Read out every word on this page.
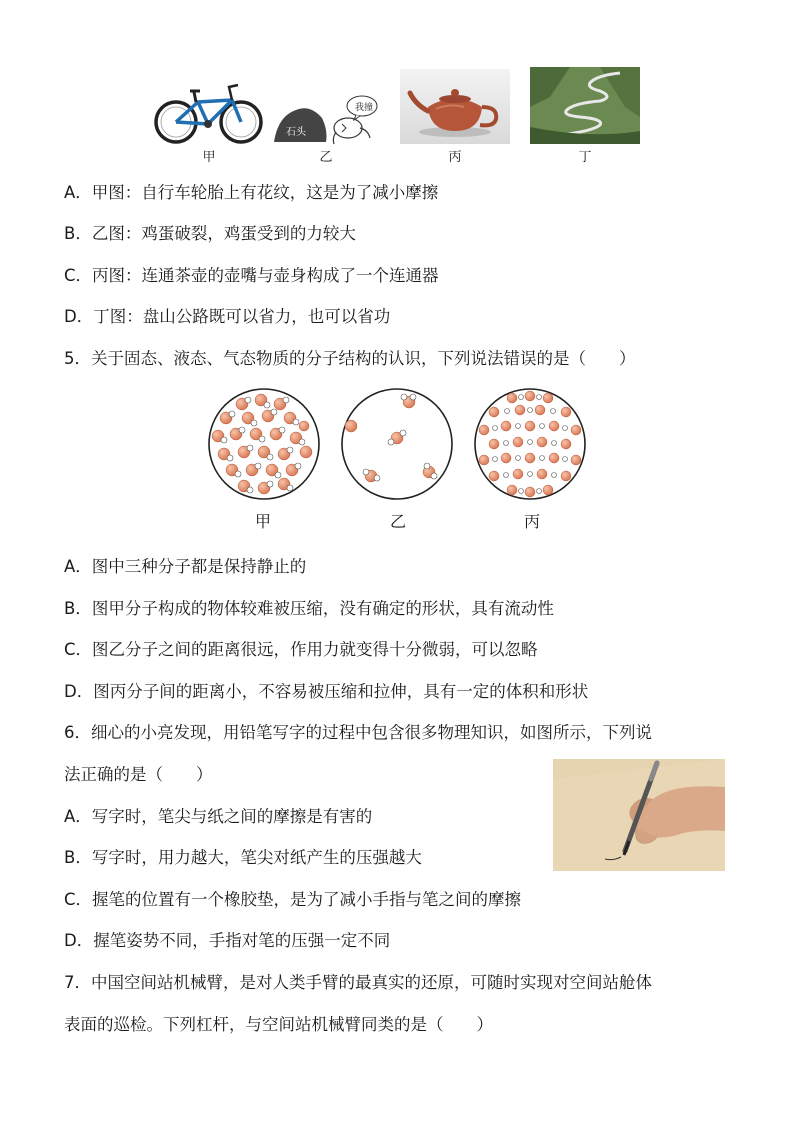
甲
石头
我撞
乙	丙	丁
A．甲图：自行车轮胎上有花纹，这是为了减小摩擦
B．乙图：鸡蛋破裂，鸡蛋受到的力较大
C．丙图：连通茶壶的壶嘴与壶身构成了一个连通器
D．丁图：盘山公路既可以省力，也可以省功
5．关于固态、液态、气态物质的分子结构的认识，下列说法错误的是（　　）
甲	乙	丙
A．图中三种分子都是保持静止的
B．图甲分子构成的物体较难被压缩，没有确定的形状，具有流动性
C．图乙分子之间的距离很远，作用力就变得十分微弱，可以忽略
D．图丙分子间的距离小，不容易被压缩和拉伸，具有一定的体积和形状
6．细心的小亮发现，用铅笔写字的过程中包含很多物理知识，如图所示，下列说
法正确的是（　　）
A．写字时，笔尖与纸之间的摩擦是有害的
B．写字时，用力越大，笔尖对纸产生的压强越大
C．握笔的位置有一个橡胶垫，是为了减小手指与笔之间的摩擦
D．握笔姿势不同，手指对笔的压强一定不同
7．中国空间站机械臂，是对人类手臂的最真实的还原，可随时实现对空间站舱体
表面的巡检。下列杠杆，与空间站机械臂同类的是（　　）
